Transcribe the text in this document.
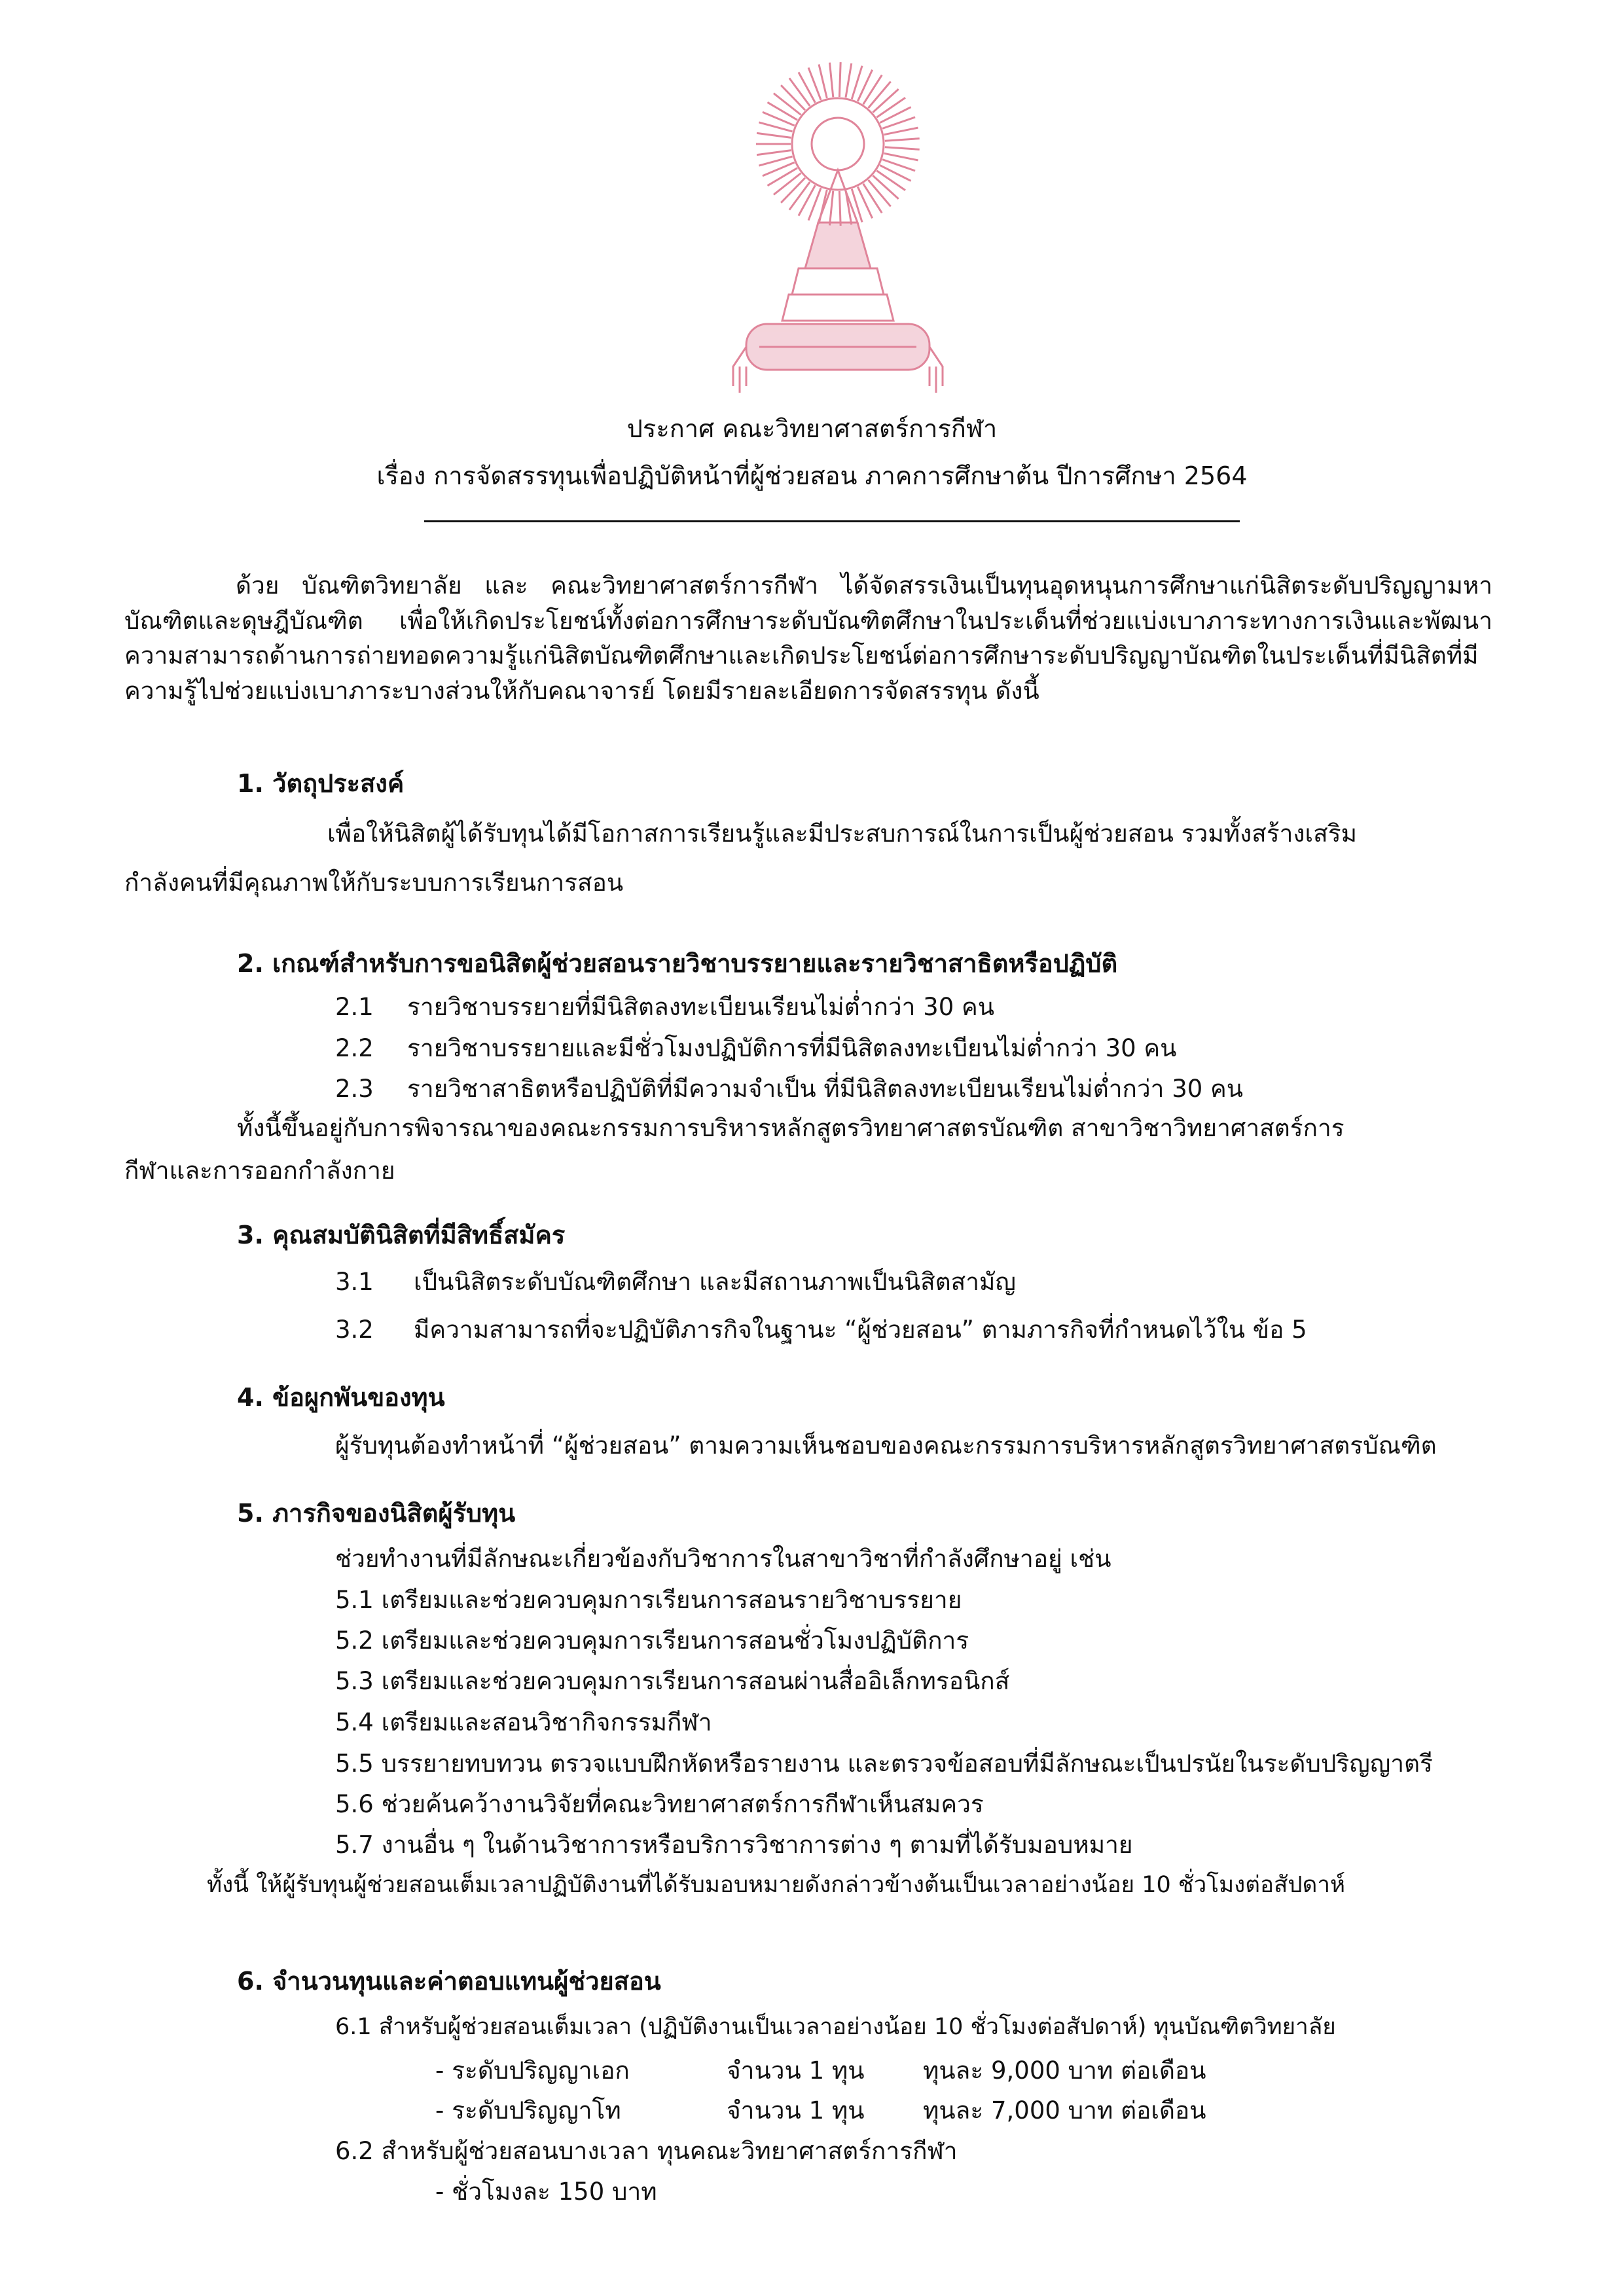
ประกาศ คณะวิทยาศาสตร์การกีฬา
เรื่อง การจัดสรรทุนเพื่อปฏิบัติหน้าที่ผู้ช่วยสอน ภาคการศึกษาต้น ปีการศึกษา 2564

ด้วย บัณฑิตวิทยาลัย และ คณะวิทยาศาสตร์การกีฬา ได้จัดสรรเงินเป็นทุนอุดหนุนการศึกษาแก่นิสิตระดับปริญญามหาบัณฑิตและดุษฎีบัณฑิต เพื่อให้เกิดประโยชน์ทั้งต่อการศึกษาระดับบัณฑิตศึกษาในประเด็นที่ช่วยแบ่งเบาภาระทางการเงินและพัฒนาความสามารถด้านการถ่ายทอดความรู้แก่นิสิตบัณฑิตศึกษาและเกิดประโยชน์ต่อการศึกษาระดับปริญญาบัณฑิตในประเด็นที่มีนิสิตที่มีความรู้ไปช่วยแบ่งเบาภาระบางส่วนให้กับคณาจารย์ โดยมีรายละเอียดการจัดสรรทุน ดังนี้

1. วัตถุประสงค์
เพื่อให้นิสิตผู้ได้รับทุนได้มีโอกาสการเรียนรู้และมีประสบการณ์ในการเป็นผู้ช่วยสอน รวมทั้งสร้างเสริม
กำลังคนที่มีคุณภาพให้กับระบบการเรียนการสอน
2. เกณฑ์สำหรับการขอนิสิตผู้ช่วยสอนรายวิชาบรรยายและรายวิชาสาธิตหรือปฏิบัติ
2.1 รายวิชาบรรยายที่มีนิสิตลงทะเบียนเรียนไม่ต่ำกว่า 30 คน
2.2 รายวิชาบรรยายและมีชั่วโมงปฏิบัติการที่มีนิสิตลงทะเบียนไม่ต่ำกว่า 30 คน
2.3 รายวิชาสาธิตหรือปฏิบัติที่มีความจำเป็น ที่มีนิสิตลงทะเบียนเรียนไม่ต่ำกว่า 30 คน
ทั้งนี้ขึ้นอยู่กับการพิจารณาของคณะกรรมการบริหารหลักสูตรวิทยาศาสตรบัณฑิต สาขาวิชาวิทยาศาสตร์การ
กีฬาและการออกกำลังกาย
3. คุณสมบัตินิสิตที่มีสิทธิ์สมัคร
3.1 เป็นนิสิตระดับบัณฑิตศึกษา และมีสถานภาพเป็นนิสิตสามัญ
3.2 มีความสามารถที่จะปฏิบัติภารกิจในฐานะ “ผู้ช่วยสอน” ตามภารกิจที่กำหนดไว้ใน ข้อ 5
4. ข้อผูกพันของทุน
ผู้รับทุนต้องทำหน้าที่ “ผู้ช่วยสอน” ตามความเห็นชอบของคณะกรรมการบริหารหลักสูตรวิทยาศาสตรบัณฑิต
5. ภารกิจของนิสิตผู้รับทุน
ช่วยทำงานที่มีลักษณะเกี่ยวข้องกับวิชาการในสาขาวิชาที่กำลังศึกษาอยู่ เช่น
5.1 เตรียมและช่วยควบคุมการเรียนการสอนรายวิชาบรรยาย
5.2 เตรียมและช่วยควบคุมการเรียนการสอนชั่วโมงปฏิบัติการ
5.3 เตรียมและช่วยควบคุมการเรียนการสอนผ่านสื่ออิเล็กทรอนิกส์
5.4 เตรียมและสอนวิชากิจกรรมกีฬา
5.5 บรรยายทบทวน ตรวจแบบฝึกหัดหรือรายงาน และตรวจข้อสอบที่มีลักษณะเป็นปรนัยในระดับปริญญาตรี
5.6 ช่วยค้นคว้างานวิจัยที่คณะวิทยาศาสตร์การกีฬาเห็นสมควร
5.7 งานอื่น ๆ ในด้านวิชาการหรือบริการวิชาการต่าง ๆ ตามที่ได้รับมอบหมาย
ทั้งนี้ ให้ผู้รับทุนผู้ช่วยสอนเต็มเวลาปฏิบัติงานที่ได้รับมอบหมายดังกล่าวข้างต้นเป็นเวลาอย่างน้อย 10 ชั่วโมงต่อสัปดาห์
6. จำนวนทุนและค่าตอบแทนผู้ช่วยสอน
6.1 สำหรับผู้ช่วยสอนเต็มเวลา (ปฏิบัติงานเป็นเวลาอย่างน้อย 10 ชั่วโมงต่อสัปดาห์) ทุนบัณฑิตวิทยาลัย
- ระดับปริญญาเอก	จำนวน 1 ทุน ทุนละ 9,000 บาท ต่อเดือน
- ระดับปริญญาโท	จำนวน 1 ทุน ทุนละ 7,000 บาท ต่อเดือน
6.2 สำหรับผู้ช่วยสอนบางเวลา ทุนคณะวิทยาศาสตร์การกีฬา
- ชั่วโมงละ 150 บาท
